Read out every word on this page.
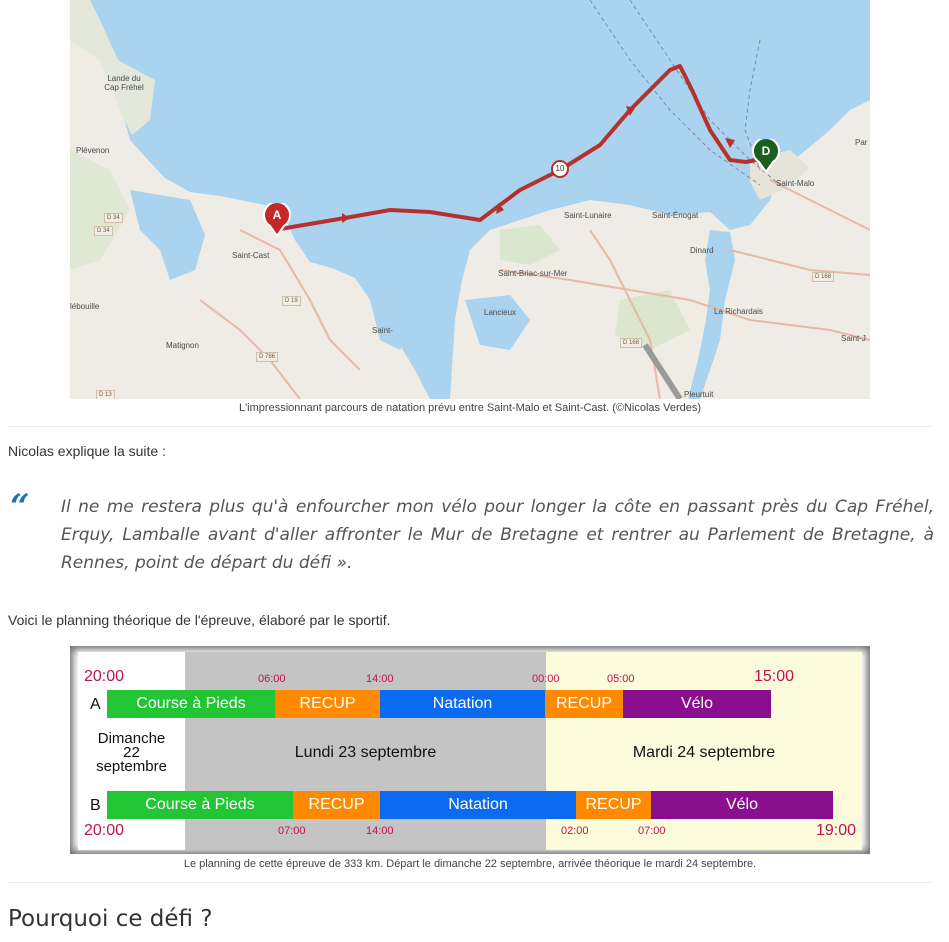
Lande du Cap Fréhel
Plévenon
Saint-Cast
lébouille
Matignon
Saint-
Lancieux
Saint-Briac-sur-Mer
Saint-Lunaire	Saint-Énogat
Dinard
La Richardais
Saint-Malo
Par
Saint-J
Pleurtuit
D 34
D 34
D 19
D 786
D 13
D 168
D 168
10
A
D
L'impressionnant parcours de natation prévu entre Saint-Malo et Saint-Cast. (©Nicolas Verdes)
Nicolas explique la suite :
“ Il ne me restera plus qu'à enfourcher mon vélo pour longer la côte en passant près du Cap Fréhel, Erquy, Lamballe avant d'aller affronter le Mur de Bretagne et rentrer au Parlement de Bretagne, à Rennes, point de départ du défi ».
Voici le planning théorique de l'épreuve, élaboré par le sportif.
20:00	06:00	14:00	00:00	05:00	15:00
A	Course à Pieds	RECUP	Natation	RECUP	Vélo
Dimanche
22
septembre
Lundi 23 septembre	Mardi 24 septembre
B	Course à Pieds	RECUP	Natation	RECUP	Vélo
20:00	07:00	14:00	02:00	07:00	19:00
Le planning de cette épreuve de 333 km. Départ le dimanche 22 septembre, arrivée théorique le mardi 24 septembre.
Pourquoi ce défi ?
